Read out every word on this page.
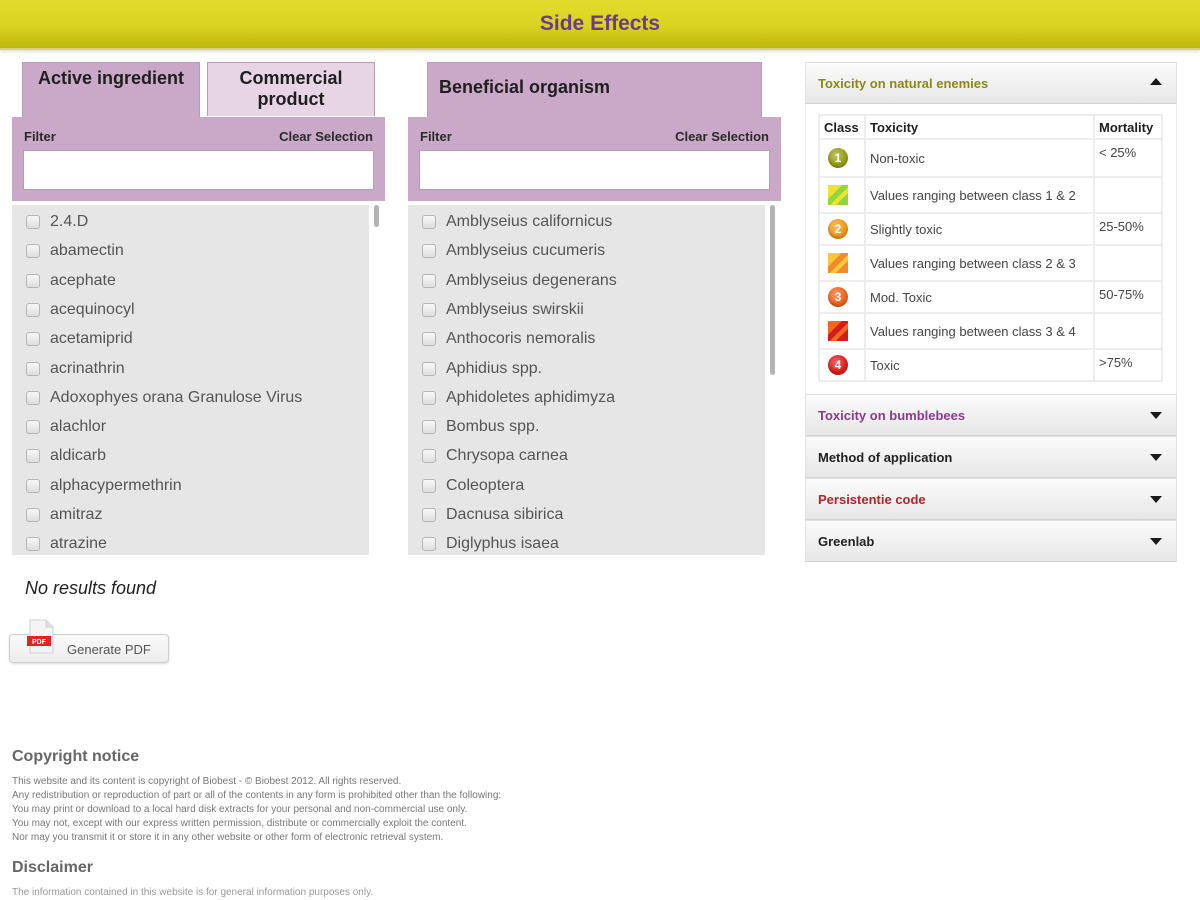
Side Effects
Active ingredient	Commercial product
Filter	Clear Selection
2.4.D
abamectin
acephate
acequinocyl
acetamiprid
acrinathrin
Adoxophyes orana Granulose Virus
alachlor
aldicarb
alphacypermethrin
amitraz
atrazine
Beneficial organism
Filter	Clear Selection
Amblyseius californicus
Amblyseius cucumeris
Amblyseius degenerans
Amblyseius swirskii
Anthocoris nemoralis
Aphidius spp.
Aphidoletes aphidimyza
Bombus spp.
Chrysopa carnea
Coleoptera
Dacnusa sibirica
Diglyphus isaea
Toxicity on natural enemies
Class	Toxicity	Mortality

1	Non-toxic	< 25%

	Values ranging between class 1 & 2	

2	Slightly toxic	25-50%

	Values ranging between class 2 & 3	

3	Mod. Toxic	50-75%

	Values ranging between class 3 & 4	

4	Toxic	>75%
Toxicity on bumblebees
Method of application
Persistentie code
Greenlab
No results found
PDF Generate PDF
Copyright notice

This website and its content is copyright of Biobest - © Biobest 2012. All rights reserved.

Any redistribution or reproduction of part or all of the contents in any form is prohibited other than the following:

You may print or download to a local hard disk extracts for your personal and non-commercial use only.

You may not, except with our express written permission, distribute or commercially exploit the content.

Nor may you transmit it or store it in any other website or other form of electronic retrieval system.

Disclaimer

The information contained in this website is for general information purposes only.
